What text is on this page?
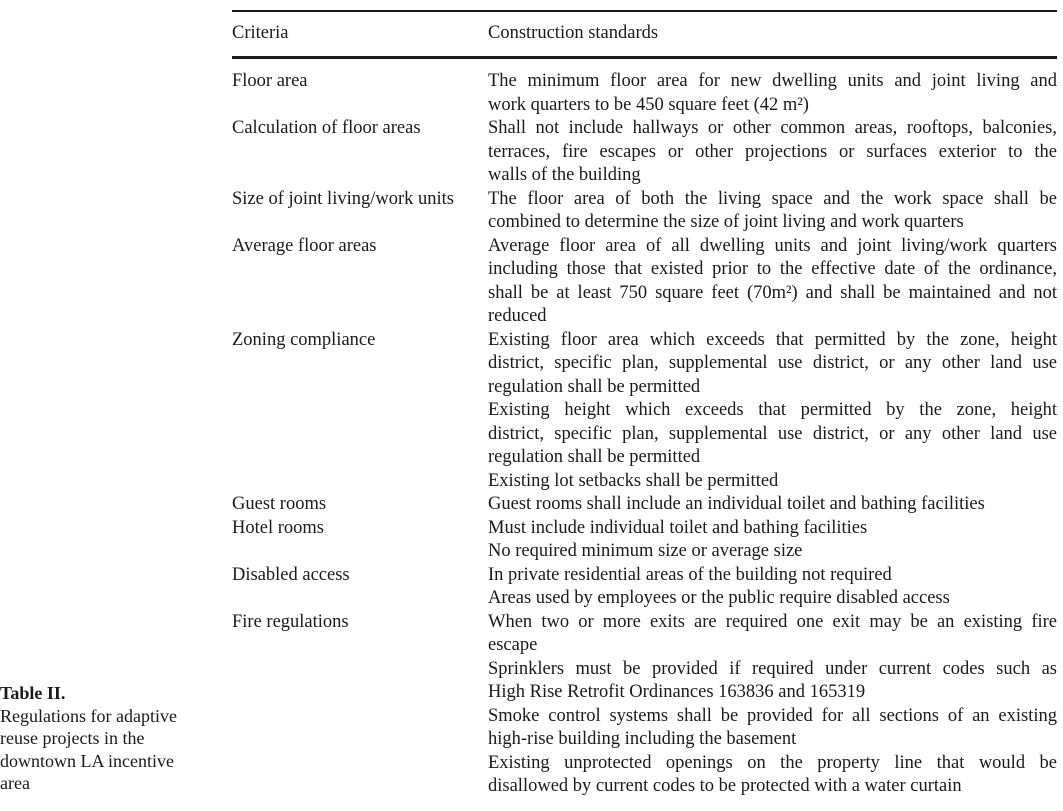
Criteria	Construction standards
Floor area	The minimum floor area for new dwelling units and joint living and
work quarters to be 450 square feet (42 m²)
Calculation of floor areas	Shall not include hallways or other common areas, rooftops, balconies,
terraces, fire escapes or other projections or surfaces exterior to the
walls of the building
Size of joint living/work units	The floor area of both the living space and the work space shall be
combined to determine the size of joint living and work quarters
Average floor areas	Average floor area of all dwelling units and joint living/work quarters
including those that existed prior to the effective date of the ordinance,
shall be at least 750 square feet (70m²) and shall be maintained and not
reduced
Zoning compliance	Existing floor area which exceeds that permitted by the zone, height
district, specific plan, supplemental use district, or any other land use
regulation shall be permitted
Existing height which exceeds that permitted by the zone, height
district, specific plan, supplemental use district, or any other land use
regulation shall be permitted
Existing lot setbacks shall be permitted
Guest rooms	Guest rooms shall include an individual toilet and bathing facilities
Hotel rooms	Must include individual toilet and bathing facilities
No required minimum size or average size
Disabled access	In private residential areas of the building not required
Areas used by employees or the public require disabled access
Fire regulations	When two or more exits are required one exit may be an existing fire
escape
Sprinklers must be provided if required under current codes such as
High Rise Retrofit Ordinances 163836 and 165319
Smoke control systems shall be provided for all sections of an existing
high-rise building including the basement
Existing unprotected openings on the property line that would be
disallowed by current codes to be protected with a water curtain
Table II.
Regulations for adaptive
reuse projects in the
downtown LA incentive
area
